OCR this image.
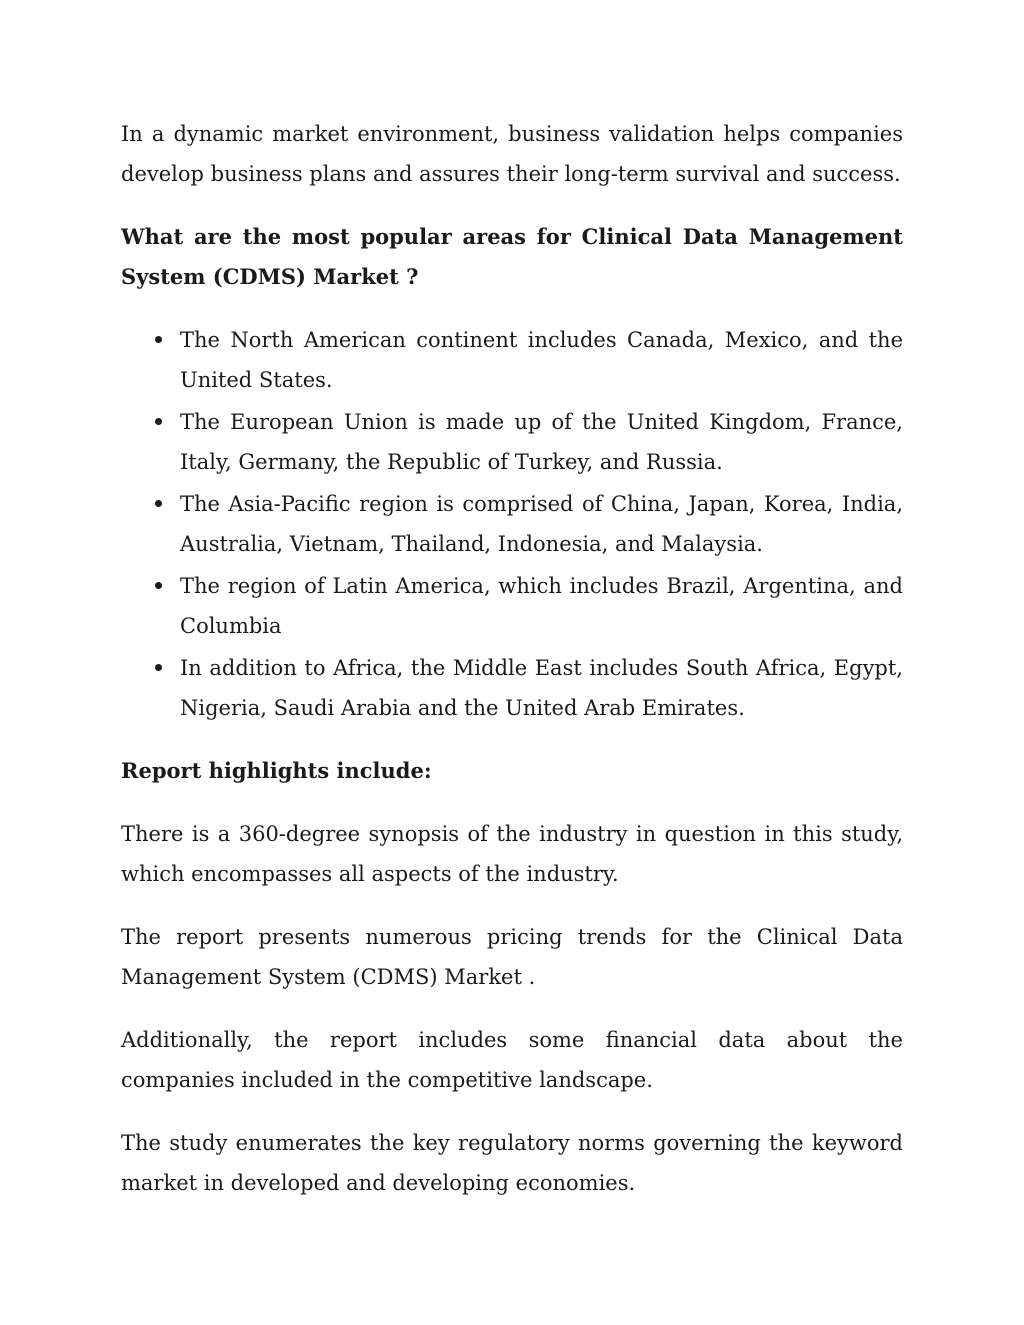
In a dynamic market environment, business validation helps companies develop business plans and assures their long-term survival and success.

What are the most popular areas for Clinical Data Management System (CDMS) Market ?
The North American continent includes Canada, Mexico, and the United States.
The European Union is made up of the United Kingdom, France, Italy, Germany, the Republic of Turkey, and Russia.
The Asia-Pacific region is comprised of China, Japan, Korea, India, Australia, Vietnam, Thailand, Indonesia, and Malaysia.
The region of Latin America, which includes Brazil, Argentina, and Columbia
In addition to Africa, the Middle East includes South Africa, Egypt, Nigeria, Saudi Arabia and the United Arab Emirates.
Report highlights include:

There is a 360-degree synopsis of the industry in question in this study, which encompasses all aspects of the industry.

The report presents numerous pricing trends for the Clinical Data Management System (CDMS) Market .

Additionally, the report includes some financial data about the companies included in the competitive landscape.

The study enumerates the key regulatory norms governing the keyword market in developed and developing economies.
